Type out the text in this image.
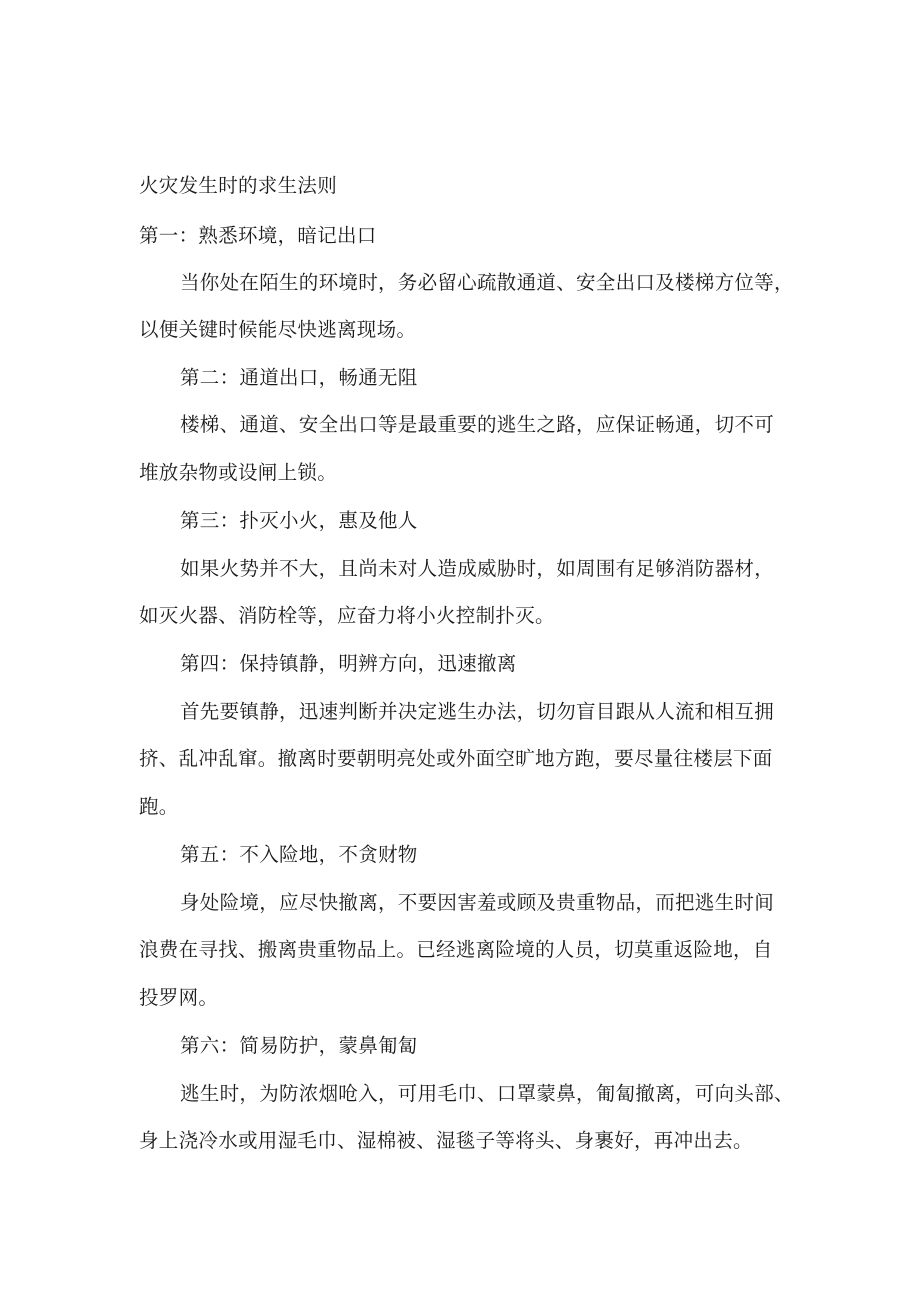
火灾发生时的求生法则
第一：熟悉环境，暗记出口
当你处在陌生的环境时，务必留心疏散通道、安全出口及楼梯方位等，
以便关键时候能尽快逃离现场。
第二：通道出口，畅通无阻
楼梯、通道、安全出口等是最重要的逃生之路，应保证畅通，切不可
堆放杂物或设闸上锁。
第三：扑灭小火，惠及他人
如果火势并不大，且尚未对人造成威胁时，如周围有足够消防器材，
如灭火器、消防栓等，应奋力将小火控制扑灭。
第四：保持镇静，明辨方向，迅速撤离
首先要镇静，迅速判断并决定逃生办法，切勿盲目跟从人流和相互拥
挤、乱冲乱窜。撤离时要朝明亮处或外面空旷地方跑，要尽量往楼层下面
跑。
第五：不入险地，不贪财物
身处险境，应尽快撤离，不要因害羞或顾及贵重物品，而把逃生时间
浪费在寻找、搬离贵重物品上。已经逃离险境的人员，切莫重返险地，自
投罗网。
第六：简易防护，蒙鼻匍匐
逃生时，为防浓烟呛入，可用毛巾、口罩蒙鼻，匍匐撤离，可向头部、
身上浇冷水或用湿毛巾、湿棉被、湿毯子等将头、身裹好，再冲出去。
